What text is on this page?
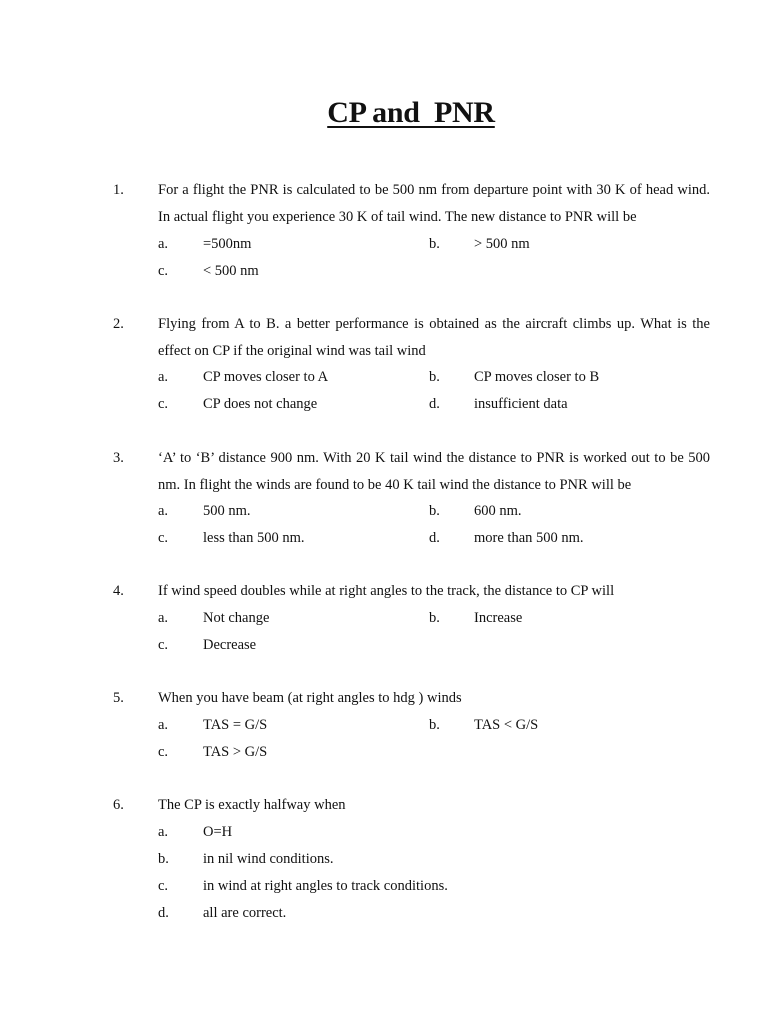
CP and  PNR
1. For a flight the PNR is calculated to be 500 nm from departure point with 30 K of head wind. In actual flight you experience 30 K of tail wind. The new distance to PNR will be
a. =500nm	b. > 500 nm
c. < 500 nm
2. Flying from A to B. a better performance is obtained as the aircraft climbs up. What is the effect on CP if the original wind was tail wind
a. CP moves closer to A	b. CP moves closer to B
c. CP does not change	d. insufficient data
3. ‘A’ to ‘B’ distance 900 nm. With 20 K tail wind the distance to PNR is worked out to be 500 nm. In flight the winds are found to be 40 K tail wind the distance to PNR will be
a. 500 nm.	b. 600 nm.
c. less than 500 nm.	d. more than 500 nm.
4. If wind speed doubles while at right angles to the track, the distance to CP will
a. Not change	b. Increase
c. Decrease
5. When you have beam (at right angles to hdg ) winds
a. TAS = G/S	b. TAS < G/S
c. TAS > G/S
6. The CP is exactly halfway when
a. O=H
b. in nil wind conditions.
c. in wind at right angles to track conditions.
d. all are correct.
